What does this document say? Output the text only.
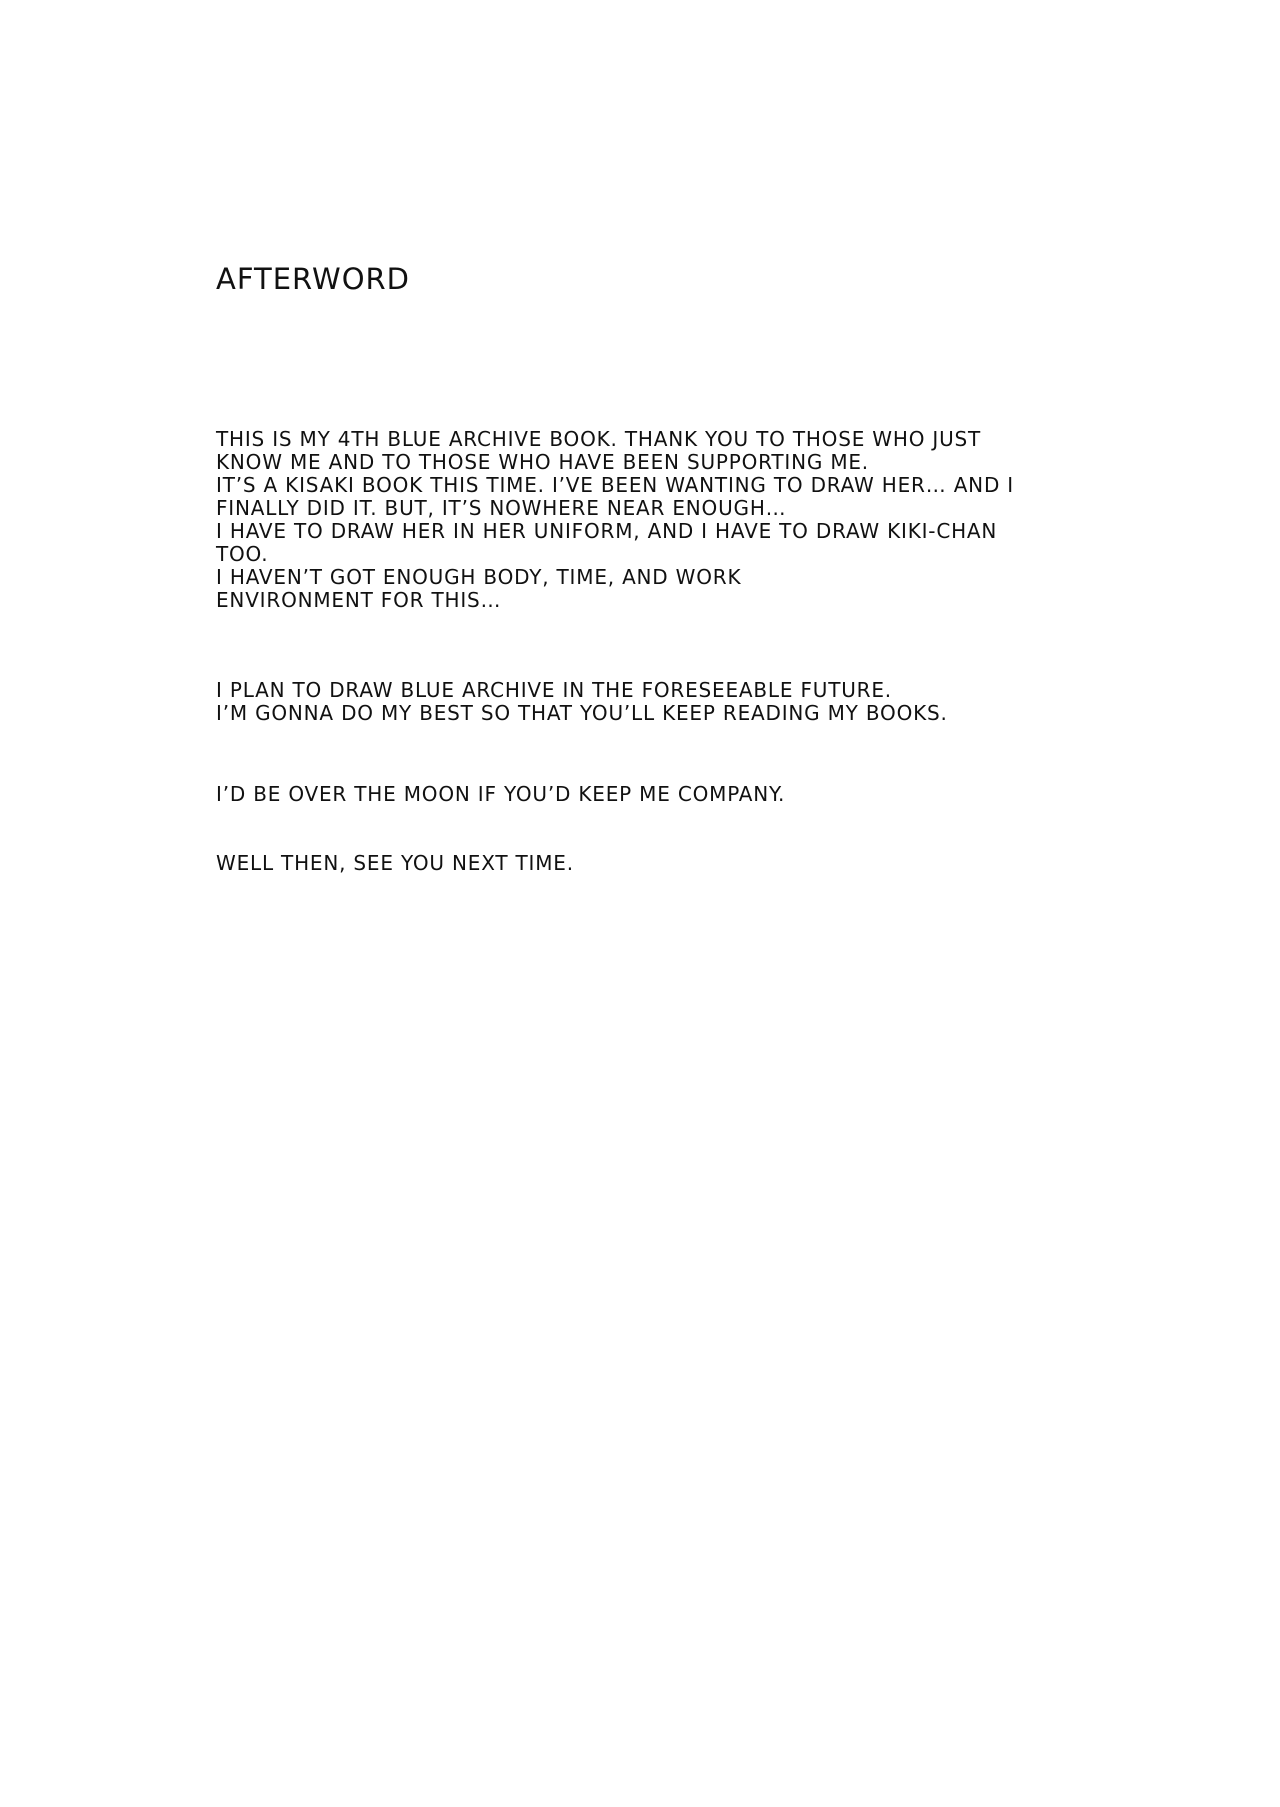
AFTERWORD
THIS IS MY 4TH BLUE ARCHIVE BOOK. THANK YOU TO THOSE WHO JUST
KNOW ME AND TO THOSE WHO HAVE BEEN SUPPORTING ME.
IT’S A KISAKI BOOK THIS TIME. I’VE BEEN WANTING TO DRAW HER… AND I
FINALLY DID IT. BUT, IT’S NOWHERE NEAR ENOUGH…
I HAVE TO DRAW HER IN HER UNIFORM, AND I HAVE TO DRAW KIKI-CHAN
TOO.
I HAVEN’T GOT ENOUGH BODY, TIME, AND WORK
ENVIRONMENT FOR THIS…
I PLAN TO DRAW BLUE ARCHIVE IN THE FORESEEABLE FUTURE.
I’M GONNA DO MY BEST SO THAT YOU’LL KEEP READING MY BOOKS.
I’D BE OVER THE MOON IF YOU’D KEEP ME COMPANY.
WELL THEN, SEE YOU NEXT TIME.
